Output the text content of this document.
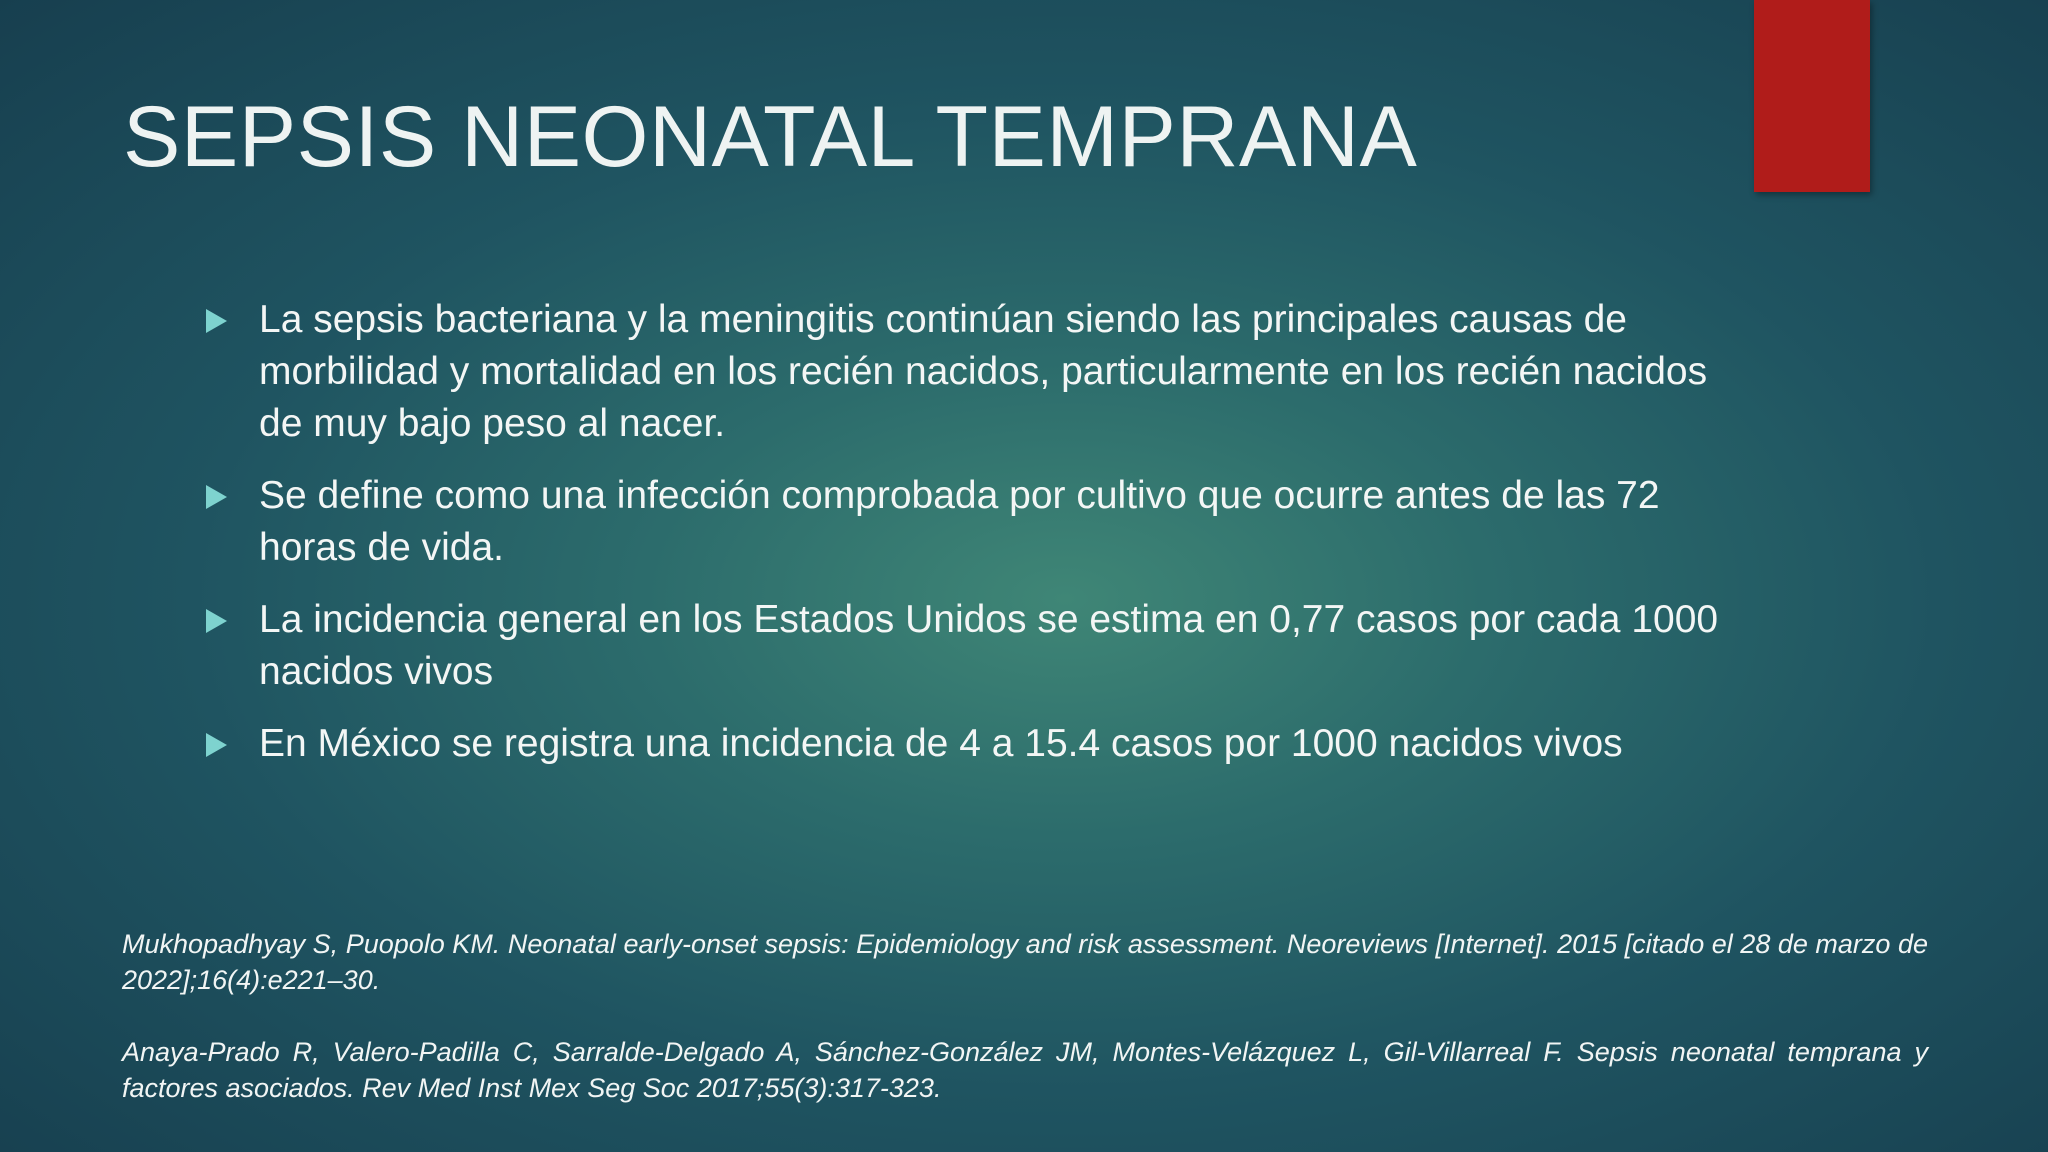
SEPSIS NEONATAL TEMPRANA
La sepsis bacteriana y la meningitis continúan siendo las principales causas de morbilidad y mortalidad en los recién nacidos, particularmente en los recién nacidos de muy bajo peso al nacer.
Se define como una infección comprobada por cultivo que ocurre antes de las 72 horas de vida.
La incidencia general en los Estados Unidos se estima en 0,77 casos por cada 1000 nacidos vivos
En México se registra una incidencia de 4 a 15.4 casos por 1000 nacidos vivos

Mukhopadhyay S, Puopolo KM. Neonatal early-onset sepsis: Epidemiology and risk assessment. Neoreviews [Internet]. 2015 [citado el 28 de marzo de 2022];16(4):e221–30.

Anaya-Prado R, Valero-Padilla C, Sarralde-Delgado A, Sánchez-González JM, Montes-Velázquez L, Gil-Villarreal F. Sepsis neonatal temprana y factores asociados. Rev Med Inst Mex Seg Soc 2017;55(3):317-323.
